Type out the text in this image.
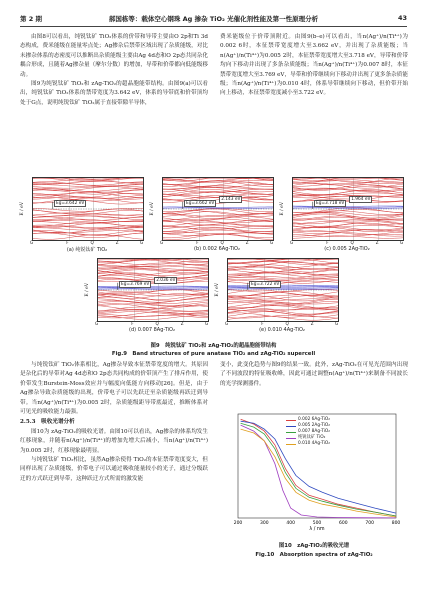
第 2 期	郝国栋等：载体空心钢珠 Ag 掺杂 TiO₂ 光催化剂性能及第一性原理分析	43

由图8可以看出，纯锐钛矿 TiO₂体系的价带和导带主要由O 2p和Ti 3d态构成，费米能级在能量零点处；Ag掺杂后禁带区域出现了杂质能级，对比未掺杂体系的态密度可以推断出杂质能级主要由Ag 4d态和O 2p态共同杂化耦合形成，且随着Ag掺杂量（摩尔分数）的增加，导带和价带都向低能级移动。

图9为纯锐钛矿 TiO₂和 zAg-TiO₂的超晶胞能带结构。由图9(a)可以看出，纯锐钛矿 TiO₂体系的禁带宽度为3.642 eV，体系的导带底和价带顶均处于G点，说明纯锐钛矿 TiO₂属于直接带隙半导体，

费米能级位于价带顶附近。由图9(b–e)可以看出，当n(Ag⁺)/n(Ti⁴⁺)为0.002 6时，本征禁带宽度增大至3.662 eV，并出现了杂质能级；当n(Ag⁺)/n(Ti⁴⁺)为0.005 2时，本征禁带宽度增大至3.718 eV，导带和价带均向下移动并出现了多条杂质能级；当n(Ag⁺)/n(Ti⁴⁺)为0.007 8时，本征禁带宽度增大至3.769 eV，导带和价带继续向下移动并出现了更多条杂质能级；当n(Ag⁺)/n(Ti⁴⁺)为0.010 4时，体系导带继续向下移动，但价带开始向上移动，本征禁带宽度减小至3.722 eV。

E / eV	Eg=3.642 eV
G	F	Q	Z	G
(a) 纯锐钛矿 TiO₂
E / eV	Eg=3.662 eV
2.143 eV
G	F	Q	Z	G
(b) 0.002 6Ag-TiO₂
E / eV	Eg=3.718 eV
1.964 eV
G	F	Q	Z	G
(c) 0.005 2Ag-TiO₂
E / eV	Eg=3.769 eV
2.036 eV
G	F	Q	Z	G
(d) 0.007 8Ag-TiO₂
E / eV	Eg=3.722 eV
G	F	Q	Z	G
(e) 0.010 4Ag-TiO₂
图9　纯锐钛矿 TiO₂和 zAg-TiO₂的超晶胞能带结构
Fig.9　Band structures of pure anatase TiO₂ and zAg-TiO₂ supercell

与纯锐钛矿 TiO₂体系相比，Ag掺杂导致本征禁带宽度的增大。其原因是杂化后的导带对Ag 4d态和O 2p态共同构成的价带顶产生了排斥作用，使价带发生Burstein-Moss效应并与幅度向低能方向移动[26]。但是，由于Ag掺杂导致杂质能级的出现，价带电子可以先跃迁至杂质能级再跃迁到导带。当n(Ag⁺)/n(Ti⁴⁺)为0.005 2时，杂质能级距导带底最近，推断体系对可见光的吸收能力最强。

2.5.3　吸收光谱分析

图10为 zAg-TiO₂的吸收光谱。由图10可以看出，Ag掺杂的体系均发生红移现象，并随着n(Ag⁺)/n(Ti⁴⁺)的增加先增大后减小，当n(Ag⁺)/n(Ti⁴⁺)为0.005 2时，红移现象最明显。

与纯锐钛矿 TiO₂相比，虽然Ag掺杂使得 TiO₂的本征禁带宽度变大，但同样出现了杂质能级，价带电子可以通过吸收能量较小的光子，通过分级跃迁的方式跃迁到导带，这种跃迁方式所需的激发能

变小，此变化趋势与图9的结果一致。此外，zAg-TiO₂在可见光范围内出现了不同波段的特征吸收峰，因此可通过调整n(Ag⁺)/n(Ti⁴⁺)来制备不同波长的光学探测器件。

200	300	400	500	600	700	800
λ / nm
0.002 6Ag-TiO₂
0.005 2Ag-TiO₂
0.007 8Ag-TiO₂
纯锐钛矿 TiO₂
0.010 4Ag-TiO₂
图10　zAg-TiO₂的吸收光谱
Fig.10　Absorption spectra of zAg-TiO₂
